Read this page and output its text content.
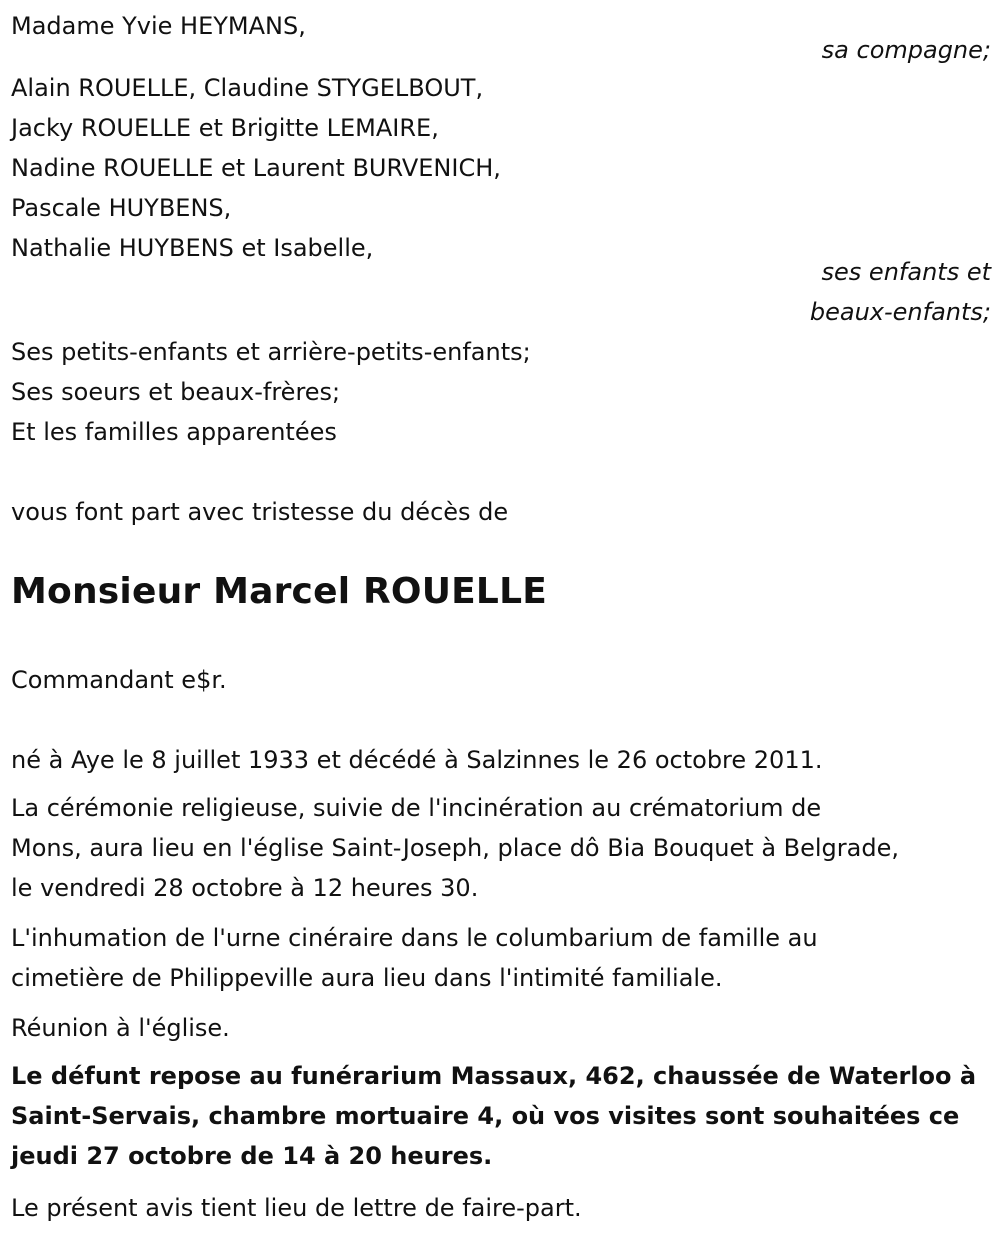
Madame Yvie HEYMANS,
sa compagne;
Alain ROUELLE, Claudine STYGELBOUT,
Jacky ROUELLE et Brigitte LEMAIRE,
Nadine ROUELLE et Laurent BURVENICH,
Pascale HUYBENS,
Nathalie HUYBENS et Isabelle,
ses enfants et
beaux-enfants;
Ses petits-enfants et arrière-petits-enfants;
Ses soeurs et beaux-frères;
Et les familles apparentées
vous font part avec tristesse du décès de
Monsieur Marcel ROUELLE
Commandant e$r.
né à Aye le 8 juillet 1933 et décédé à Salzinnes le 26 octobre 2011.
La cérémonie religieuse, suivie de l'incinération au crématorium de
Mons, aura lieu en l'église Saint-Joseph, place dô Bia Bouquet à Belgrade,
le vendredi 28 octobre à 12 heures 30.
L'inhumation de l'urne cinéraire dans le columbarium de famille au
cimetière de Philippeville aura lieu dans l'intimité familiale.
Réunion à l'église.
Le défunt repose au funérarium Massaux, 462, chaussée de Waterloo à
Saint-Servais, chambre mortuaire 4, où vos visites sont souhaitées ce
jeudi 27 octobre de 14 à 20 heures.
Le présent avis tient lieu de lettre de faire-part.
